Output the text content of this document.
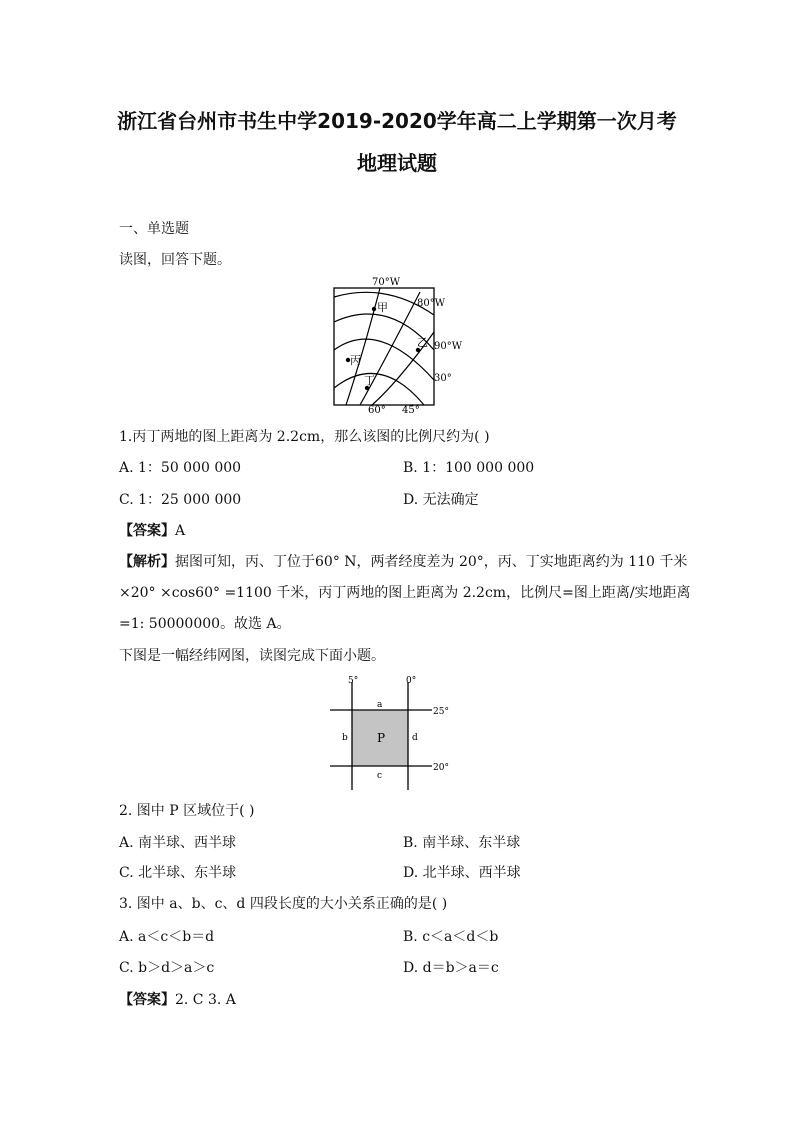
浙江省台州市书生中学2019-2020学年高二上学期第一次月考
地理试题
一、单选题
读图，回答下题。
70°W
80°W
90°W
30°
60° 45°
甲
乙
丙
丁
1.丙丁两地的图上距离为 2.2cm，那么该图的比例尺约为( )
A. 1：50 000 000	B. 1：100 000 000
C. 1：25 000 000	D. 无法确定
【答案】A
【解析】据图可知，丙、丁位于60° N，两者经度差为 20°，丙、丁实地距离约为 110 千米
×20° ×cos60° =1100 千米，丙丁两地的图上距离为 2.2cm，比例尺=图上距离/实地距离
=1: 50000000。故选 A。
下图是一幅经纬网图，读图完成下面小题。
5°	0°
25°
20°
a
b
c
d
P
2. 图中 P 区域位于( )
A. 南半球、西半球	B. 南半球、东半球
C. 北半球、东半球	D. 北半球、西半球
3. 图中 a、b、c、d 四段长度的大小关系正确的是( )
A. a＜c＜b＝d	B. c＜a＜d＜b
C. b＞d＞a＞c	D. d＝b＞a＝c
【答案】2. C 3. A
